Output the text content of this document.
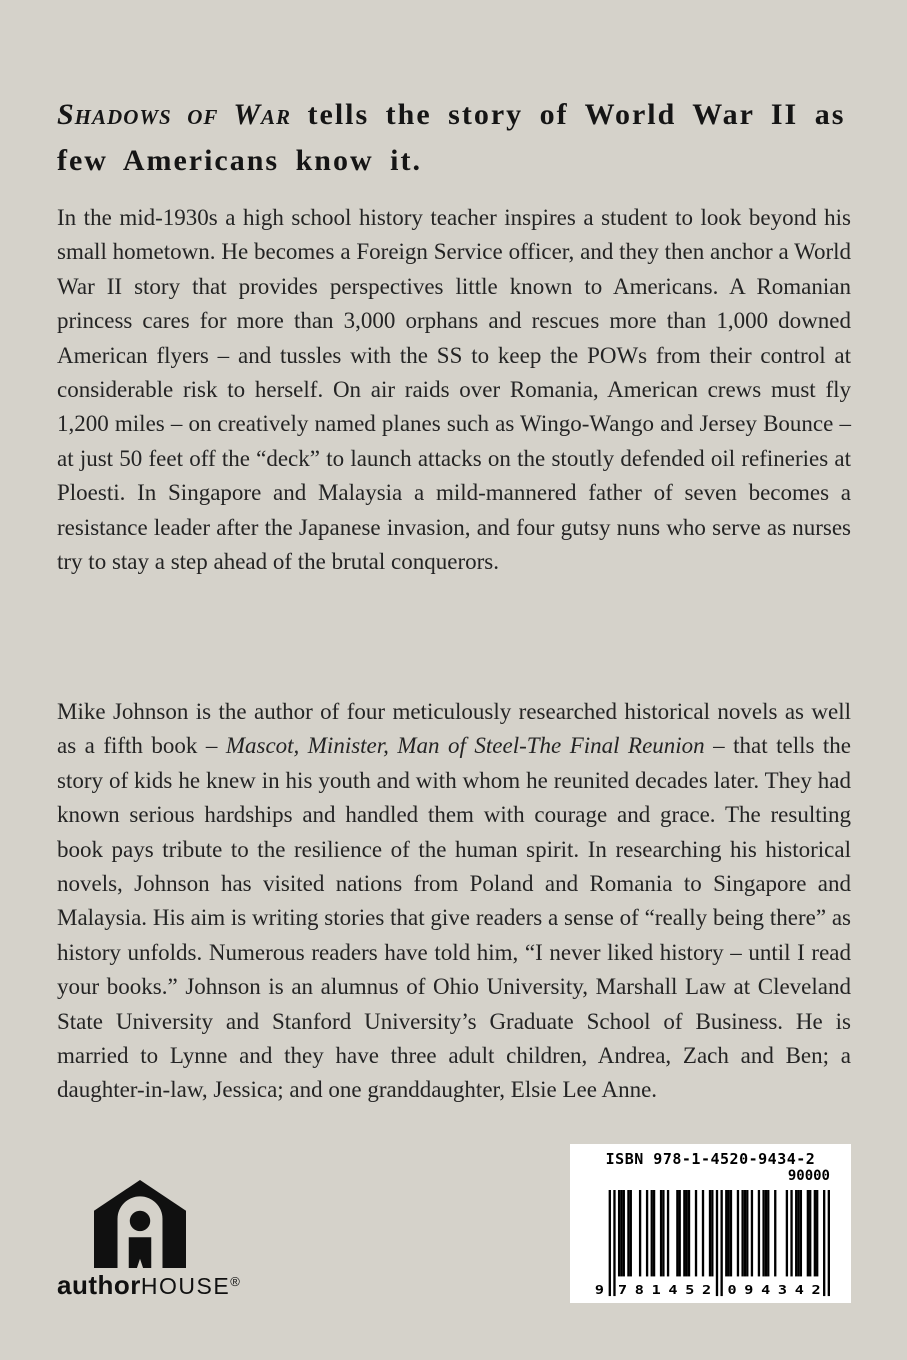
Shadows of War tells the story of World War II as few Americans know it.

In the mid-1930s a high school history teacher inspires a student to look beyond his small hometown. He becomes a Foreign Service officer, and they then anchor a World War II story that provides perspectives little known to Americans. A Romanian princess cares for more than 3,000 orphans and rescues more than 1,000 downed American flyers – and tussles with the SS to keep the POWs from their control at considerable risk to herself. On air raids over Romania, American crews must fly 1,200 miles – on creatively named planes such as Wingo-Wango and Jersey Bounce – at just 50 feet off the “deck” to launch attacks on the stoutly defended oil refineries at Ploesti. In Singapore and Malaysia a mild-mannered father of seven becomes a resistance leader after the Japanese invasion, and four gutsy nuns who serve as nurses try to stay a step ahead of the brutal conquerors.

Mike Johnson is the author of four meticulously researched historical novels as well as a fifth book – Mascot, Minister, Man of Steel-The Final Reunion – that tells the story of kids he knew in his youth and with whom he reunited decades later. They had known serious hardships and handled them with courage and grace. The resulting book pays tribute to the resilience of the human spirit. In researching his historical novels, Johnson has visited nations from Poland and Romania to Singapore and Malaysia. His aim is writing stories that give readers a sense of “really being there” as history unfolds. Numerous readers have told him, “I never liked history – until I read your books.” Johnson is an alumnus of Ohio University, Marshall Law at Cleveland State University and Stanford University’s Graduate School of Business. He is married to Lynne and they have three adult children, Andrea, Zach and Ben; a daughter-in-law, Jessica; and one granddaughter, Elsie Lee Anne.

authorHOUSE®
ISBN 978-1-4520-9434-2
90000
9 781452 094342
